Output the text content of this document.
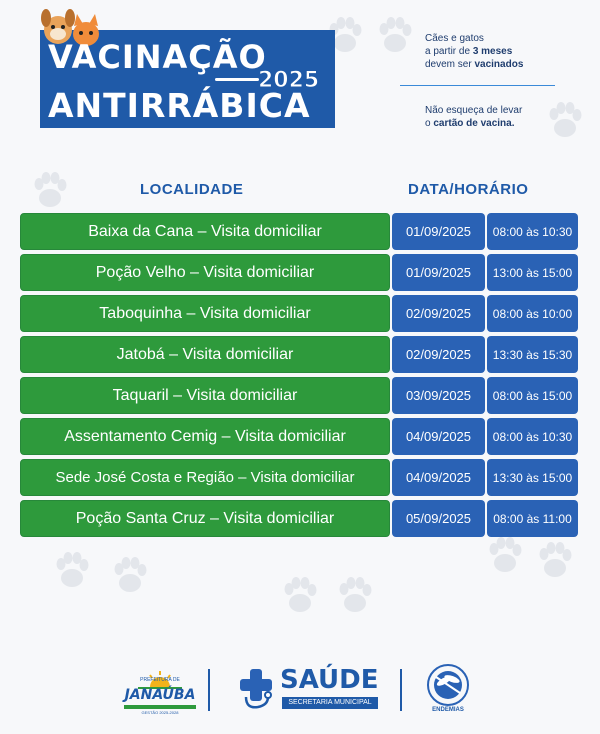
VACINAÇÃO
2025
ANTIRRÁBICA
Cães e gatos
a partir de 3 meses
devem ser vacinados
Não esqueça de levar
o cartão de vacina.
LOCALIDADE	DATA/HORÁRIO
Baixa da Cana – Visita domiciliar	01/09/2025	08:00 às 10:30
Poção Velho – Visita domiciliar	01/09/2025	13:00 às 15:00
Taboquinha – Visita domiciliar	02/09/2025	08:00 às 10:00
Jatobá – Visita domiciliar	02/09/2025	13:30 às 15:30
Taquaril – Visita domiciliar	03/09/2025	08:00 às 15:00
Assentamento Cemig – Visita domiciliar	04/09/2025	08:00 às 10:30
Sede José Costa e Região – Visita domiciliar	04/09/2025	13:30 às 15:00
Poção Santa Cruz – Visita domiciliar	05/09/2025	08:00 às 11:00
PREFEITURA DE
JANAÚBA
GESTÃO 2025-2028
SAÚDE
SECRETARIA MUNICIPAL
ENDEMIAS
